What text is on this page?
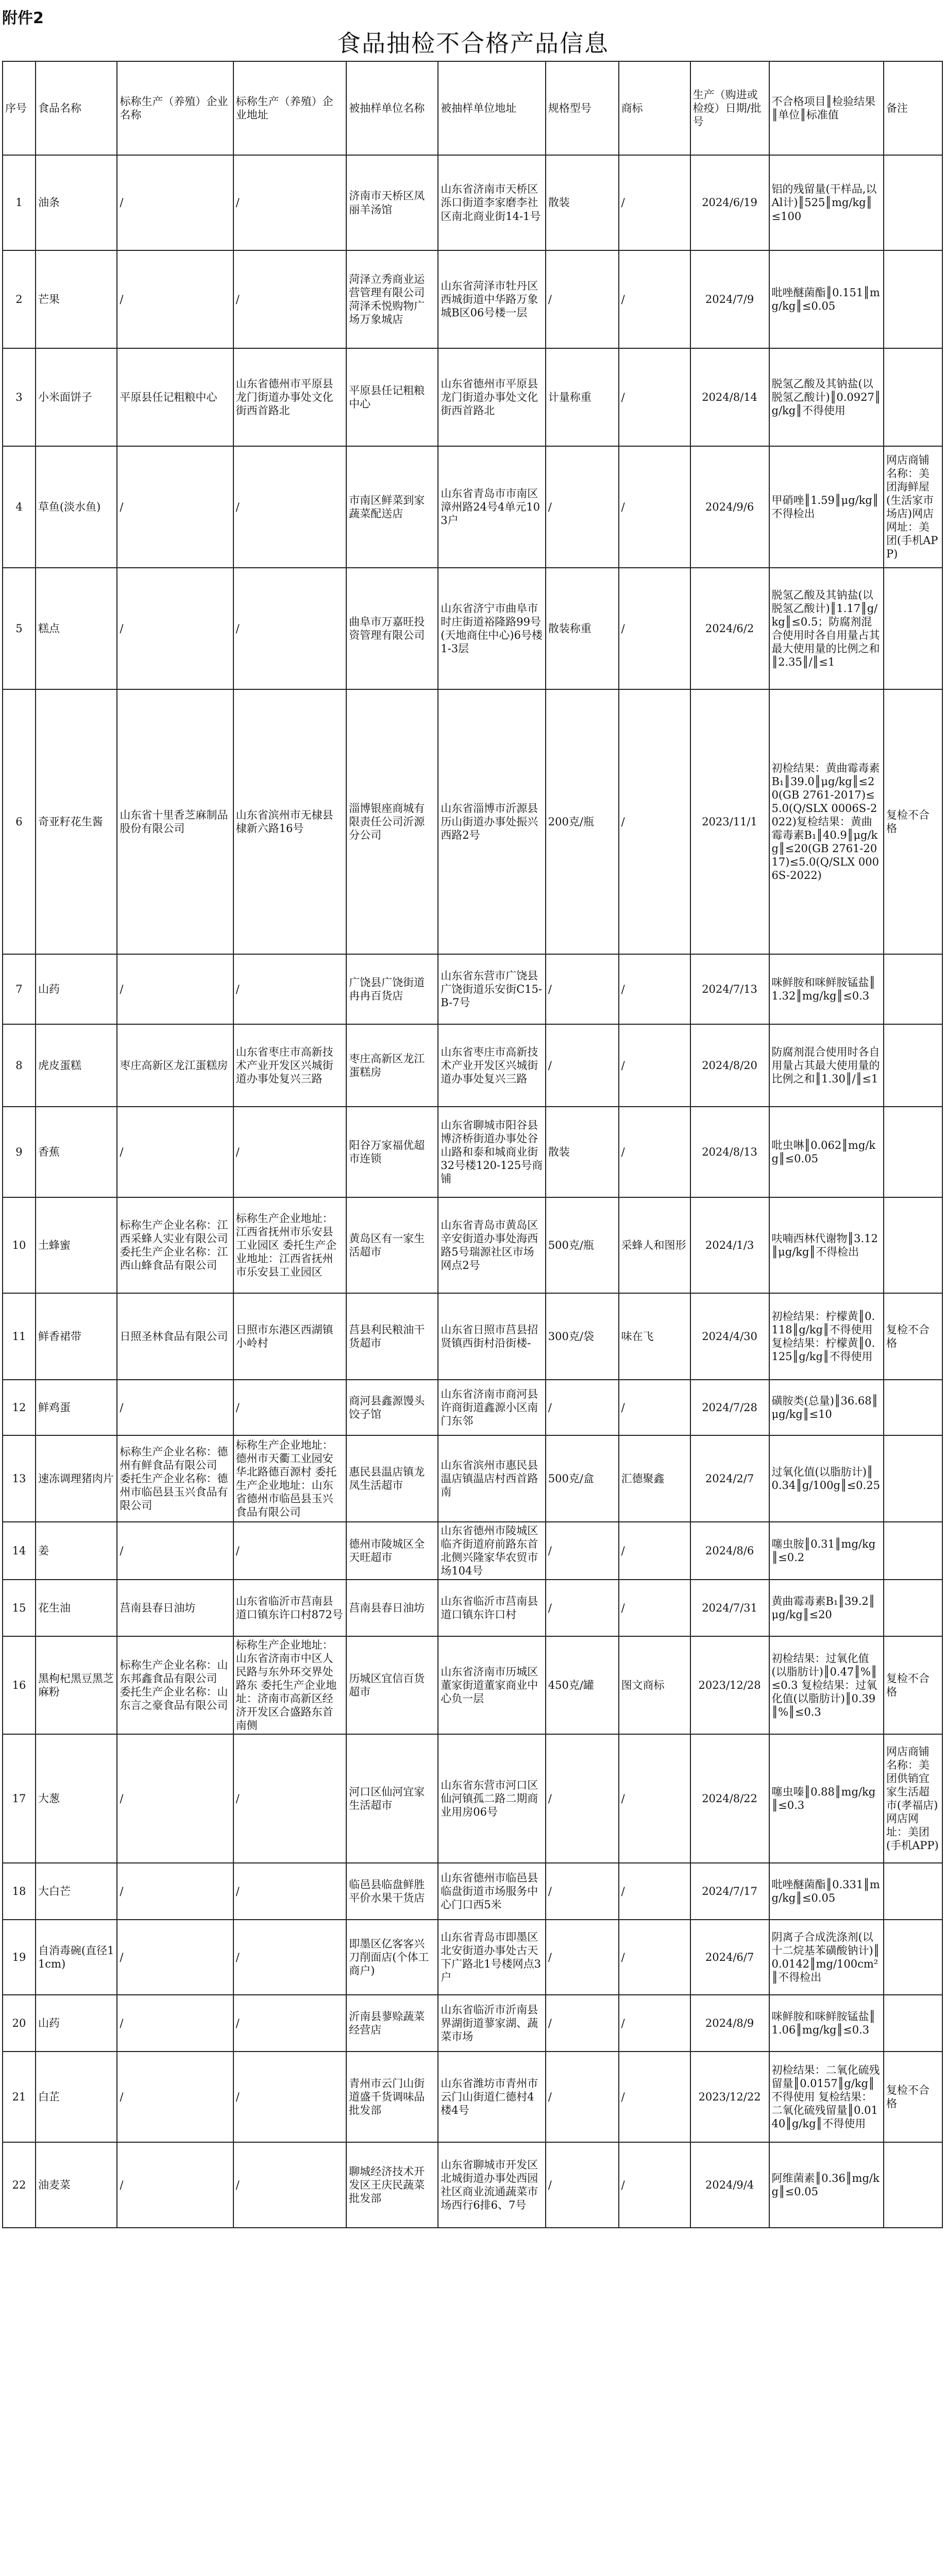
附件2
食品抽检不合格产品信息
序号	食品名称	标称生产（养殖）企业名称	标称生产（养殖）企业地址	被抽样单位名称	被抽样单位地址	规格型号	商标	生产（购进或检疫）日期/批号	不合格项目║检验结果║单位║标准值	备注
1	油条	/	/	济南市天桥区凤丽羊汤馆	山东省济南市天桥区泺口街道李家磨李社区南北商业街14-1号	散装	/	2024/6/19	铝的残留量(干样品,以Al计)║525║mg/kg║≤100	
2	芒果	/	/	菏泽立秀商业运营管理有限公司菏泽禾悦购物广场万象城店	山东省菏泽市牡丹区西城街道中华路万象城B区06号楼一层	/	/	2024/7/9	吡唑醚菌酯║0.151║mg/kg║≤0.05	
3	小米面饼子	平原县任记粗粮中心	山东省德州市平原县龙门街道办事处文化街西首路北	平原县任记粗粮中心	山东省德州市平原县龙门街道办事处文化街西首路北	计量称重	/	2024/8/14	脱氢乙酸及其钠盐(以脱氢乙酸计)║0.0927║g/kg║不得使用	
4	草鱼(淡水鱼)	/	/	市南区鲜菜到家蔬菜配送店	山东省青岛市市南区漳州路24号4单元103户	/	/	2024/9/6	甲硝唑║1.59║μg/kg║不得检出	网店商铺名称：美团海鲜屋(生活家市场店)网店网址：美团(手机APP)
5	糕点	/	/	曲阜市万嘉旺投资管理有限公司	山东省济宁市曲阜市时庄街道裕隆路99号(天地商住中心)6号楼1-3层	散装称重	/	2024/6/2	脱氢乙酸及其钠盐(以脱氢乙酸计)║1.17║g/kg║≤0.5；防腐剂混合使用时各自用量占其最大使用量的比例之和║2.35║/║≤1	
6	奇亚籽花生酱	山东省十里香芝麻制品股份有限公司	山东省滨州市无棣县棣新六路16号	淄博银座商城有限责任公司沂源分公司	山东省淄博市沂源县历山街道办事处振兴西路2号	200克/瓶	/	2023/11/1	初检结果：黄曲霉毒素B₁║39.0║μg/kg║≤20(GB 2761-2017)≤5.0(Q/SLX 0006S-2022)复检结果：黄曲霉毒素B₁║40.9║μg/kg║≤20(GB 2761-2017)≤5.0(Q/SLX 0006S-2022)	复检不合格
7	山药	/	/	广饶县广饶街道冉冉百货店	山东省东营市广饶县广饶街道乐安街C15-B-7号	/	/	2024/7/13	咪鲜胺和咪鲜胺锰盐║1.32║mg/kg║≤0.3	
8	虎皮蛋糕	枣庄高新区龙江蛋糕房	山东省枣庄市高新技术产业开发区兴城街道办事处复兴三路	枣庄高新区龙江蛋糕房	山东省枣庄市高新技术产业开发区兴城街道办事处复兴三路	/	/	2024/8/20	防腐剂混合使用时各自用量占其最大使用量的比例之和║1.30║/║≤1	
9	香蕉	/	/	阳谷万家福优超市连锁	山东省聊城市阳谷县博济桥街道办事处谷山路和泰和城商业街32号楼120-125号商铺	散装	/	2024/8/13	吡虫啉║0.062║mg/kg║≤0.05	
10	土蜂蜜	标称生产企业名称：江西采蜂人实业有限公司 委托生产企业名称：江西山蜂食品有限公司	标称生产企业地址：江西省抚州市乐安县工业园区 委托生产企业地址：江西省抚州市乐安县工业园区	黄岛区有一家生活超市	山东省青岛市黄岛区辛安街道办事处海西路5号瑞源社区市场网点2号	500克/瓶	采蜂人和图形	2024/1/3	呋喃西林代谢物║3.12║μg/kg║不得检出	
11	鲜香裙带	日照圣林食品有限公司	日照市东港区西湖镇小岭村	莒县利民粮油干货超市	山东省日照市莒县招贤镇西街村沿街楼-	300克/袋	味在飞	2024/4/30	初检结果：柠檬黄║0.118║g/kg║不得使用 复检结果：柠檬黄║0.125║g/kg║不得使用	复检不合格
12	鲜鸡蛋	/	/	商河县鑫源馒头饺子馆	山东省济南市商河县许商街道鑫源小区南门东邻	/	/	2024/7/28	磺胺类(总量)║36.68║μg/kg║≤10	
13	速冻调理猪肉片	标称生产企业名称：德州有鲜食品有限公司 委托生产企业名称：德州市临邑县玉兴食品有限公司	标称生产企业地址：德州市天衢工业园安华北路德百源村 委托生产企业地址：山东省德州市临邑县玉兴食品有限公司	惠民县温店镇龙凤生活超市	山东省滨州市惠民县温店镇温店村西首路南	500克/盒	汇德聚鑫	2024/2/7	过氧化值(以脂肪计)║0.34║g/100g║≤0.25	
14	姜	/	/	德州市陵城区全天旺超市	山东省德州市陵城区临齐街道府前路东首北侧兴隆家华农贸市场104号	/	/	2024/8/6	噻虫胺║0.31║mg/kg║≤0.2	
15	花生油	莒南县春日油坊	山东省临沂市莒南县道口镇东许口村872号	莒南县春日油坊	山东省临沂市莒南县道口镇东许口村	/	/	2024/7/31	黄曲霉毒素B₁║39.2║μg/kg║≤20	
16	黑枸杞黑豆黑芝麻粉	标称生产企业名称：山东邦鑫食品有限公司 委托生产企业名称：山东言之豪食品有限公司	标称生产企业地址：山东省济南市中区人民路与东外环交界处路东 委托生产企业地址：济南市高新区经济开发区合盛路东首南侧	历城区宜信百货超市	山东省济南市历城区董家街道董家商业中心负一层	450克/罐	图文商标	2023/12/28	初检结果：过氧化值(以脂肪计)║0.47║%║≤0.3 复检结果：过氧化值(以脂肪计)║0.39║%║≤0.3	复检不合格
17	大葱	/	/	河口区仙河宜家生活超市	山东省东营市河口区仙河镇孤二路二期商业用房06号	/	/	2024/8/22	噻虫嗪║0.88║mg/kg║≤0.3	网店商铺名称：美团供销宜家生活超市(孝福店)网店网址：美团(手机APP)
18	大白芒	/	/	临邑县临盘鲜胜平价水果干货店	山东省德州市临邑县临盘街道市场服务中心门口西5米	/	/	2024/7/17	吡唑醚菌酯║0.331║mg/kg║≤0.05	
19	自消毒碗(直径11cm)	/	/	即墨区亿客客兴刀削面店(个体工商户)	山东省青岛市即墨区北安街道办事处古天下广路北1号楼网点3户	/	/	2024/6/7	阴离子合成洗涤剂(以十二烷基苯磺酸钠计)║0.0142║mg/100cm²║不得检出	
20	山药	/	/	沂南县蓼赊蔬菜经营店	山东省临沂市沂南县界湖街道蓼家湖、蔬菜市场	/	/	2024/8/9	咪鲜胺和咪鲜胺锰盐║1.06║mg/kg║≤0.3	
21	白芷	/	/	青州市云门山街道盛千货调味品批发部	山东省潍坊市青州市云门山街道仁德村4楼4号	/	/	2023/12/22	初检结果：二氧化硫残留量║0.0157║g/kg║不得使用 复检结果：二氧化硫残留量║0.0140║g/kg║不得使用	复检不合格
22	油麦菜	/	/	聊城经济技术开发区王庆民蔬菜批发部	山东省聊城市开发区北城街道办事处西园社区商业流通蔬菜市场西行6排6、7号	/	/	2024/9/4	阿维菌素║0.36║mg/kg║≤0.05	
